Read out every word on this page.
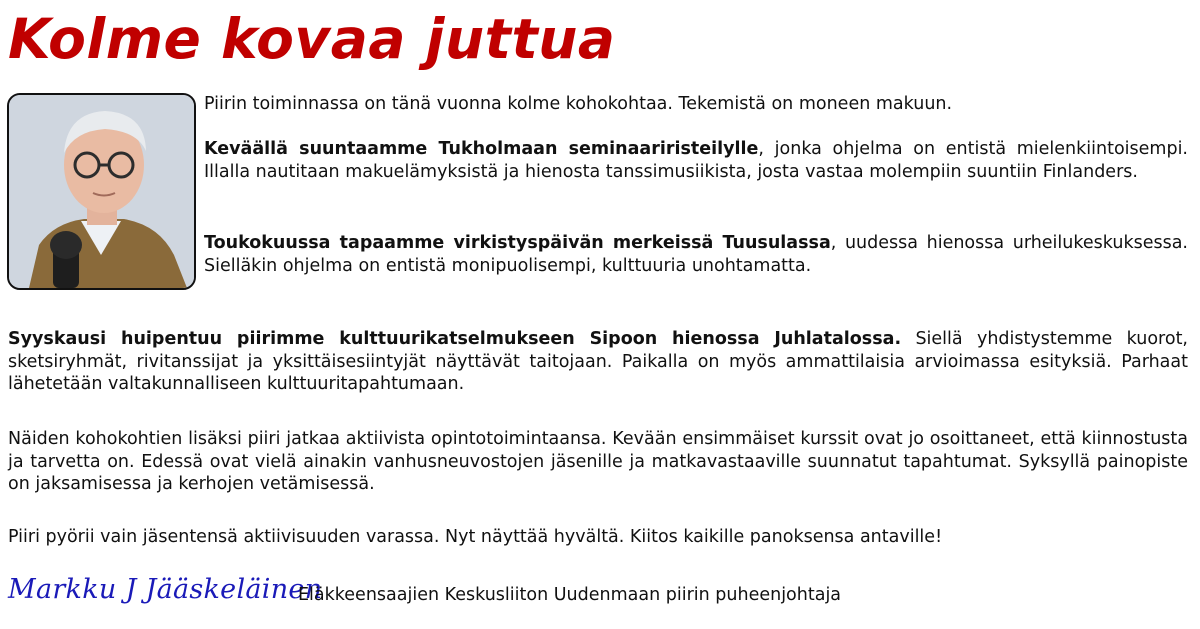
Kolme kovaa juttua

Piirin toiminnassa on tänä vuonna kolme kohokohtaa. Tekemistä on moneen makuun.

Keväällä suuntaamme Tukholmaan seminaariristeilylle, jonka ohjelma on entistä mielenkiintoisempi. Illalla nautitaan makuelämyksistä ja hienosta tanssimusiikista, josta vastaa molempiin suuntiin Finlanders.

Toukokuussa tapaamme virkistyspäivän merkeissä Tuusulassa, uudessa hienossa urheilukeskuksessa. Sielläkin ohjelma on entistä monipuolisempi, kulttuuria unohtamatta.

Syyskausi huipentuu piirimme kulttuurikatselmukseen Sipoon hienossa Juhlatalossa. Siellä yhdistystemme kuorot, sketsiryhmät, rivitanssijat ja yksittäisesiintyjät näyttävät taitojaan. Paikalla on myös ammattilaisia arvioimassa esityksiä. Parhaat lähetetään valtakunnalliseen kulttuuritapahtumaan.

Näiden kohokohtien lisäksi piiri jatkaa aktiivista opintotoimintaansa. Kevään ensimmäiset kurssit ovat jo osoittaneet, että kiinnostusta ja tarvetta on. Edessä ovat vielä ainakin vanhusneuvostojen jäsenille ja matkavastaaville suunnatut tapahtumat. Syksyllä painopiste on jaksamisessa ja kerhojen vetämisessä.

Piiri pyörii vain jäsentensä aktiivisuuden varassa. Nyt näyttää hyvältä. Kiitos kaikille panoksensa antaville!

Markku J Jääskeläinen
Eläkkeensaajien Keskusliiton Uudenmaan piirin puheenjohtaja
